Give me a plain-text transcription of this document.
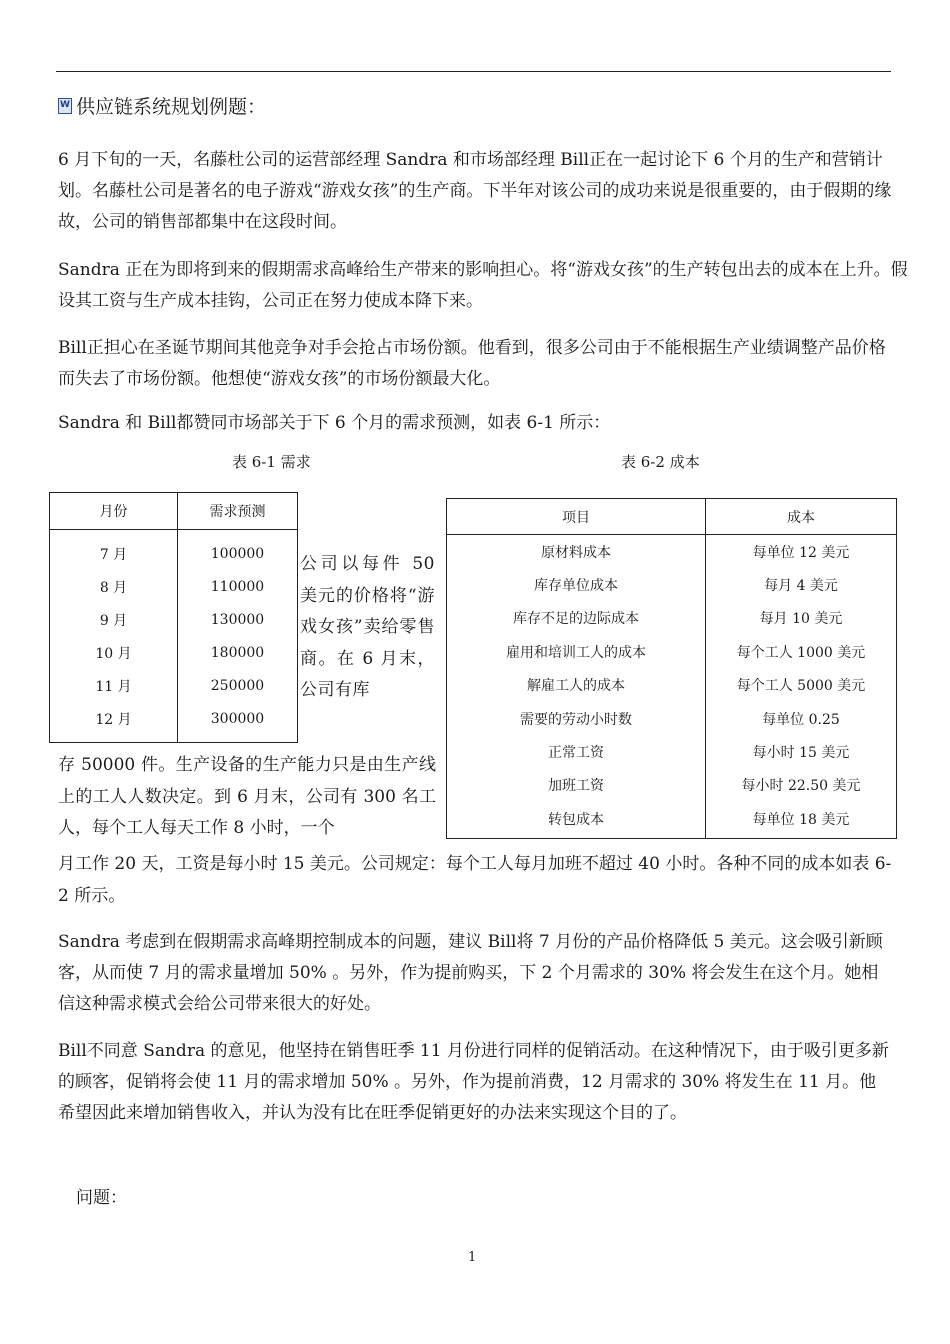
W
供应链系统规划例题：

6 月下旬的一天，名藤杜公司的运营部经理 Sandra 和市场部经理 Bill正在一起讨论下 6 个月的生产和营销计划。名藤杜公司是著名的电子游戏“游戏女孩”的生产商。下半年对该公司的成功来说是很重要的，由于假期的缘故，公司的销售部都集中在这段时间。

Sandra 正在为即将到来的假期需求高峰给生产带来的影响担心。将“游戏女孩”的生产转包出去的成本在上升。假设其工资与生产成本挂钩，公司正在努力使成本降下来。

Bill正担心在圣诞节期间其他竞争对手会抢占市场份额。他看到，很多公司由于不能根据生产业绩调整产品价格而失去了市场份额。他想使“游戏女孩”的市场份额最大化。

Sandra 和 Bill都赞同市场部关于下 6 个月的需求预测，如表 6-1 所示：

表 6-1 需求	表 6-2 成本
月份	需求预测
7 月	100000
8 月	110000
9 月	130000
10 月	180000
11 月	250000
12 月	300000

公司以每件 50 美元的价格将“游戏女孩”卖给零售商。在 6 月末，公司有库

项目	成本
原材料成本	每单位 12 美元
库存单位成本	每月 4 美元
库存不足的边际成本	每月 10 美元
雇用和培训工人的成本	每个工人 1000 美元
解雇工人的成本	每个工人 5000 美元
需要的劳动小时数	每单位 0.25
正常工资	每小时 15 美元
加班工资	每小时 22.50 美元
转包成本	每单位 18 美元

存 50000 件。生产设备的生产能力只是由生产线上的工人人数决定。到 6 月末，公司有 300 名工人，每个工人每天工作 8 小时，一个

月工作 20 天，工资是每小时 15 美元。公司规定：每个工人每月加班不超过 40 小时。各种不同的成本如表 6-2 所示。

Sandra 考虑到在假期需求高峰期控制成本的问题，建议 Bill将 7 月份的产品价格降低 5 美元。这会吸引新顾客，从而使 7 月的需求量增加 50% 。另外，作为提前购买，下 2 个月需求的 30% 将会发生在这个月。她相信这种需求模式会给公司带来很大的好处。

Bill不同意 Sandra 的意见，他坚持在销售旺季 11 月份进行同样的促销活动。在这种情况下，由于吸引更多新的顾客，促销将会使 11 月的需求增加 50% 。另外，作为提前消费，12 月需求的 30% 将发生在 11 月。他希望因此来增加销售收入，并认为没有比在旺季促销更好的办法来实现这个目的了。

问题：
1
